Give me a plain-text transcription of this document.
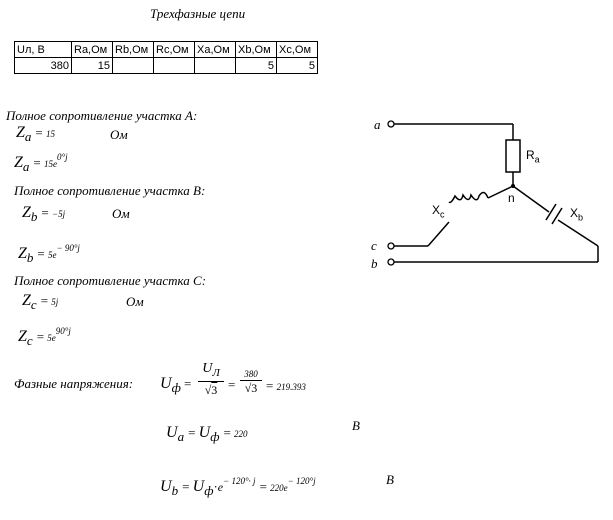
Трехфазные цепи
Uл, В	Ra,Ом	Rb,Ом	Rc,Ом	Xa,Ом	Xb,Ом	Xc,Ом
380	15				5	5
Полное сопротивление участка А:
$Z_a = 15$	Ом
$Z_a = 15e^{0^\circ j}$
Полное сопротивление участка B:
$Z_b = -5j$	Ом
$Z_b = 5e^{- 90^\circ j}$
Полное сопротивление участка C:
$Z_c = 5j$	Ом
$Z_c = 5e^{90^\circ j}$
Фазные напряжения: $U_ф$ =
$U_Л$
√3 =
380
√3 = 219.393
$U_a = U_ф = 220$
В
$U_b = U_ф\cdot e^{- 120^\circ\cdot j} = 220e^{- 120^\circ j}$	В
a
c
b
n
$R_a$
$X_c$	$X_b$
